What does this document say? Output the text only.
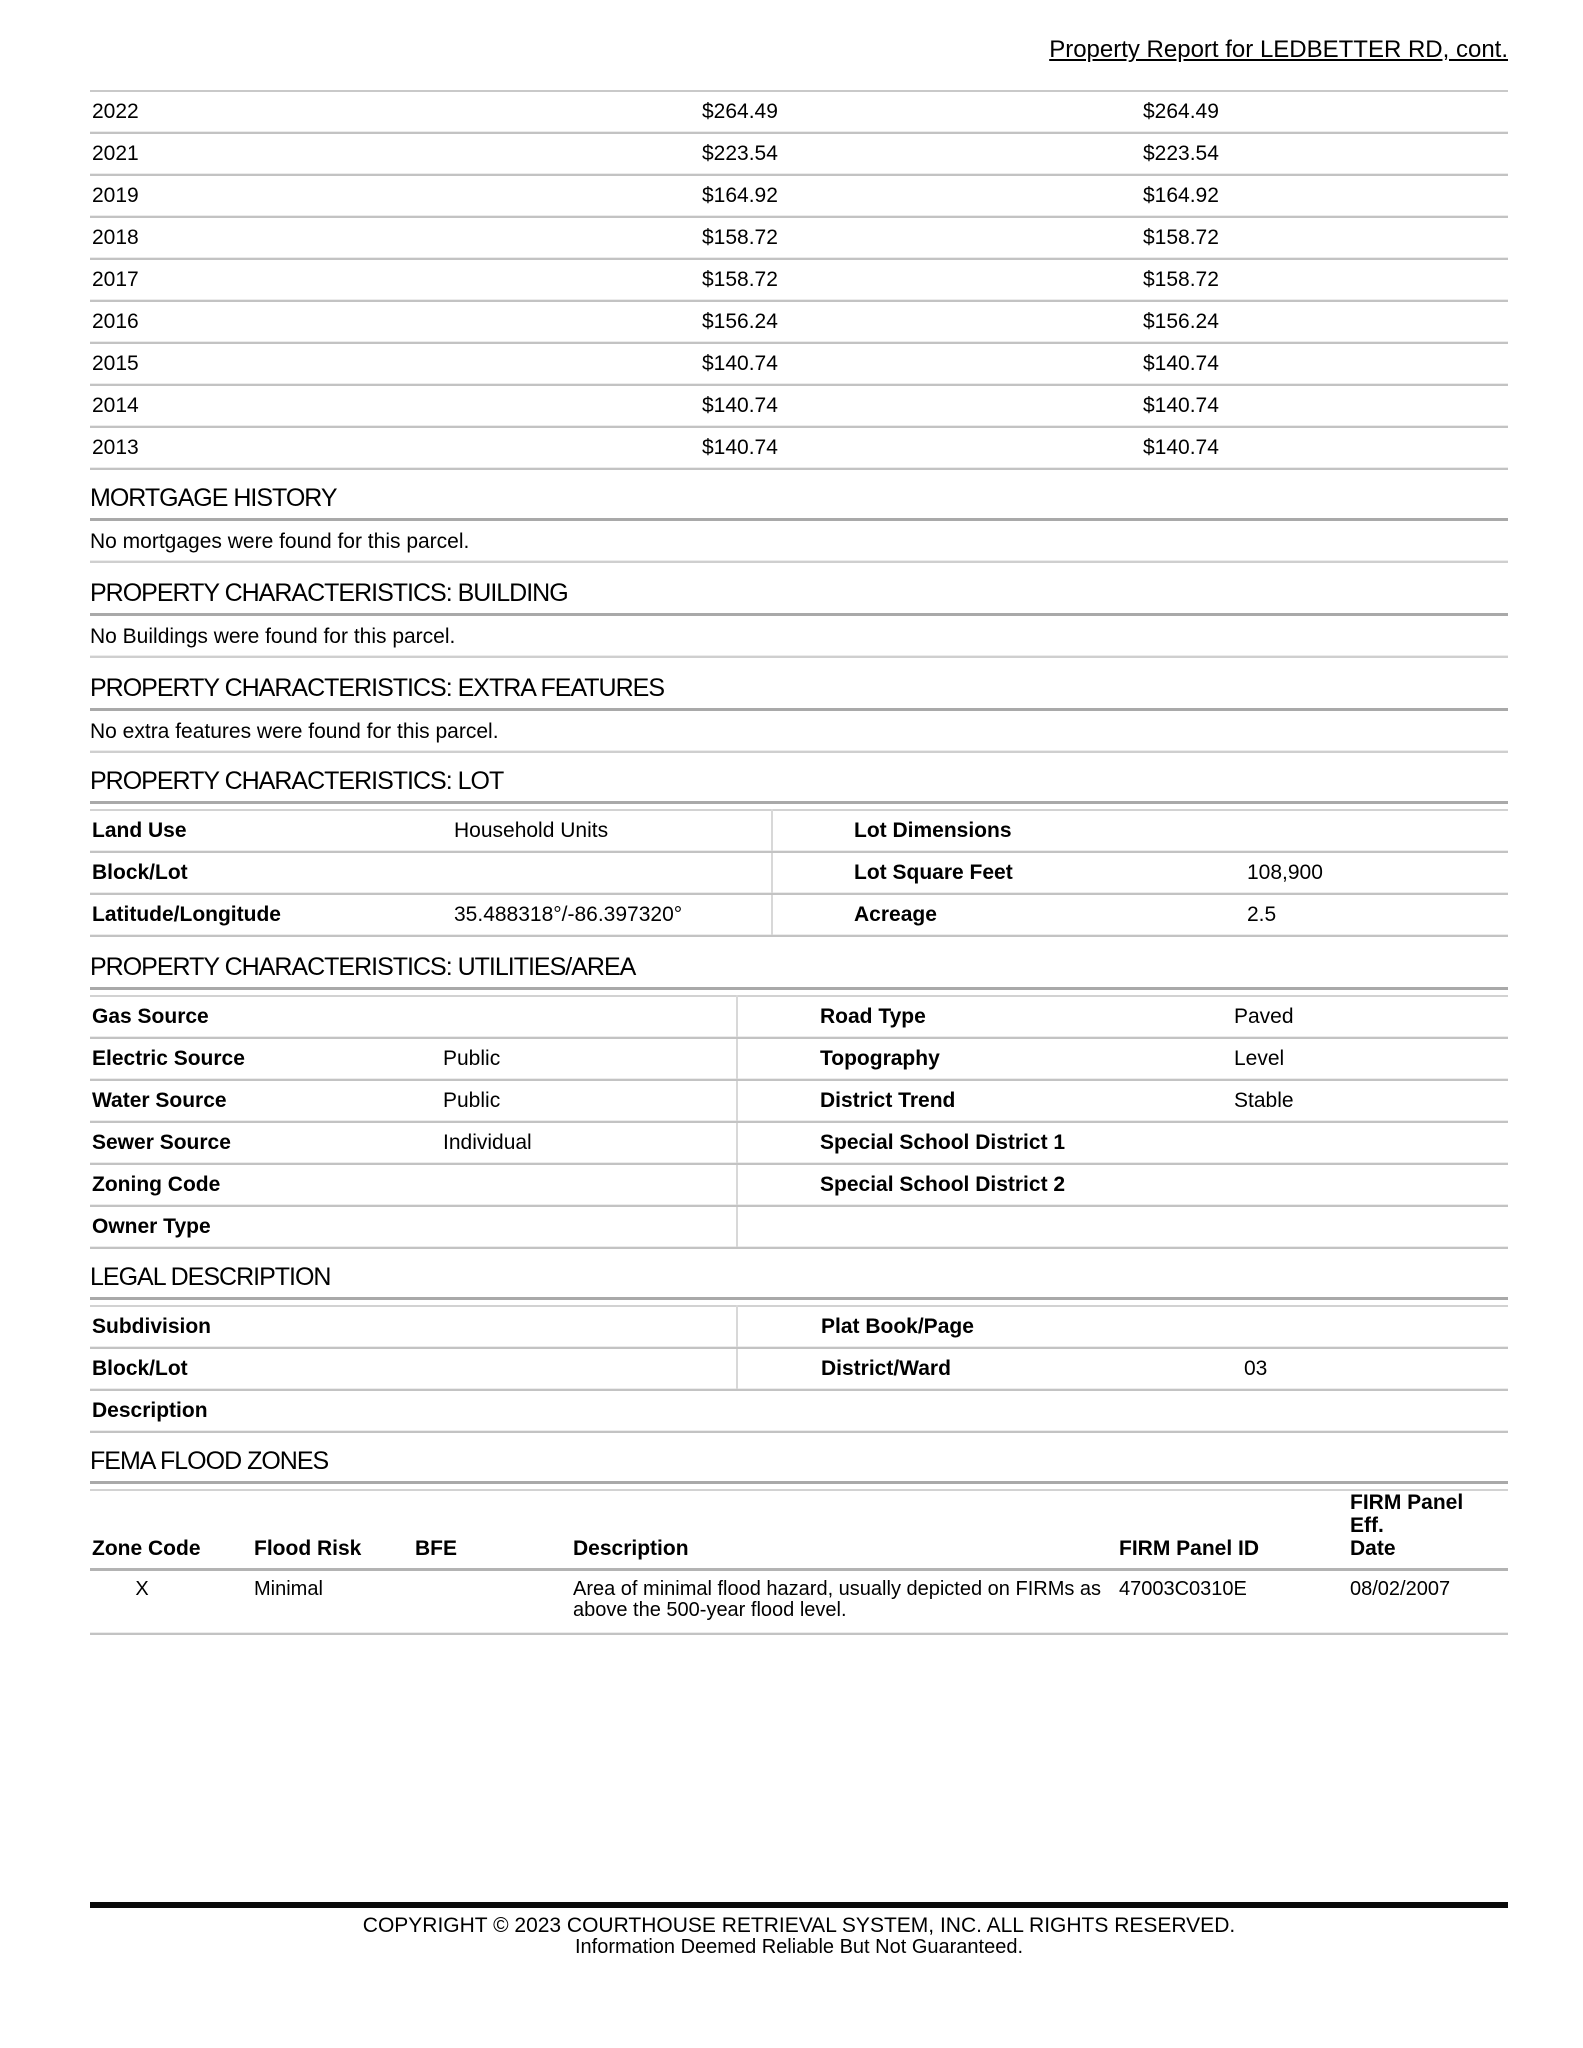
Property Report for LEDBETTER RD, cont.
2022	$264.49	$264.49
2021	$223.54	$223.54
2019	$164.92	$164.92
2018	$158.72	$158.72
2017	$158.72	$158.72
2016	$156.24	$156.24
2015	$140.74	$140.74
2014	$140.74	$140.74
2013	$140.74	$140.74
MORTGAGE HISTORY
No mortgages were found for this parcel.
PROPERTY CHARACTERISTICS: BUILDING
No Buildings were found for this parcel.
PROPERTY CHARACTERISTICS: EXTRA FEATURES
No extra features were found for this parcel.
PROPERTY CHARACTERISTICS: LOT
Land Use	Household Units	Lot Dimensions	
Block/Lot		Lot Square Feet	108,900
Latitude/Longitude	35.488318°/-86.397320°	Acreage	2.5
PROPERTY CHARACTERISTICS: UTILITIES/AREA
Gas Source		Road Type	Paved
Electric Source	Public	Topography	Level
Water Source	Public	District Trend	Stable
Sewer Source	Individual	Special School District 1	
Zoning Code		Special School District 2	
Owner Type			
LEGAL DESCRIPTION
Subdivision		Plat Book/Page	
Block/Lot		District/Ward	03
Description			
FEMA FLOOD ZONES
Zone Code	Flood Risk	BFE	Description	FIRM Panel ID	FIRM Panel Eff.
Date
X	Minimal		Area of minimal flood hazard, usually depicted on FIRMs as above the 500-year flood level.	47003C0310E	08/02/2007
COPYRIGHT © 2023 COURTHOUSE RETRIEVAL SYSTEM, INC. ALL RIGHTS RESERVED.
Information Deemed Reliable But Not Guaranteed.
